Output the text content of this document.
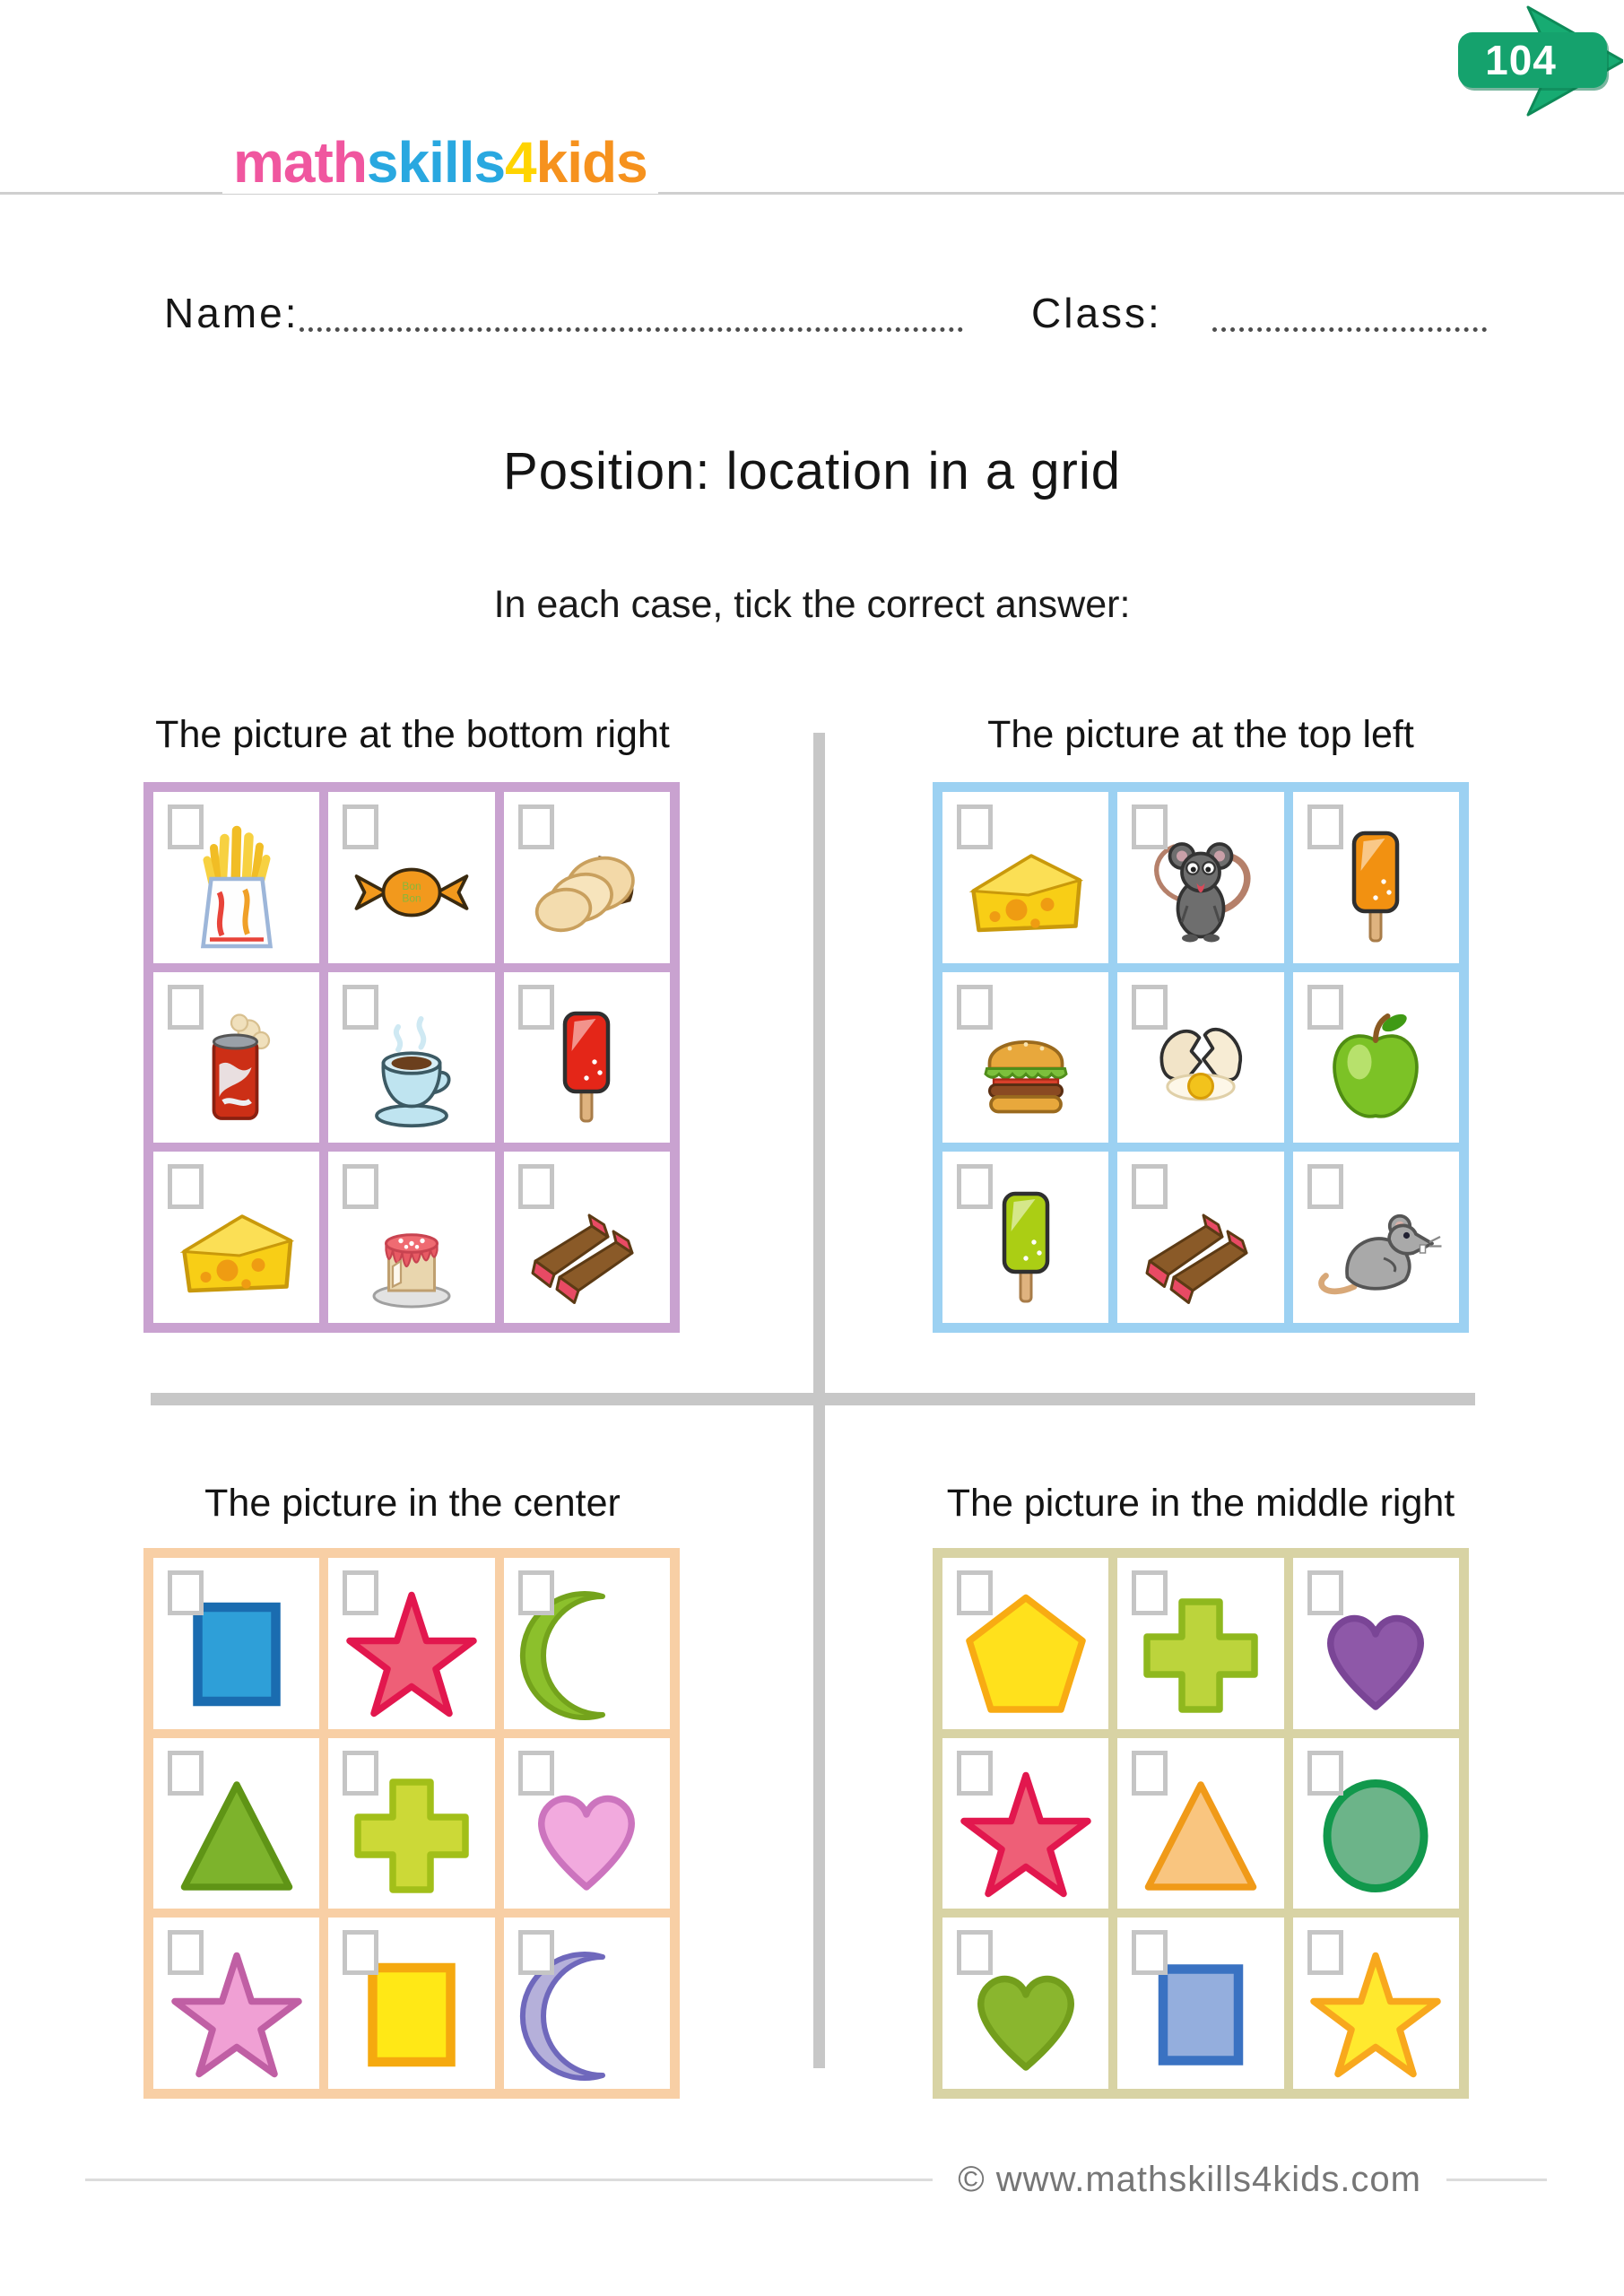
mathskills4kids
104
Name:	Class:
Position: location in a grid
In each case, tick the correct answer:
The picture at the bottom right	The picture at the top left
The picture in the center	The picture in the middle right
Bon
Bon
© www.mathskills4kids.com
